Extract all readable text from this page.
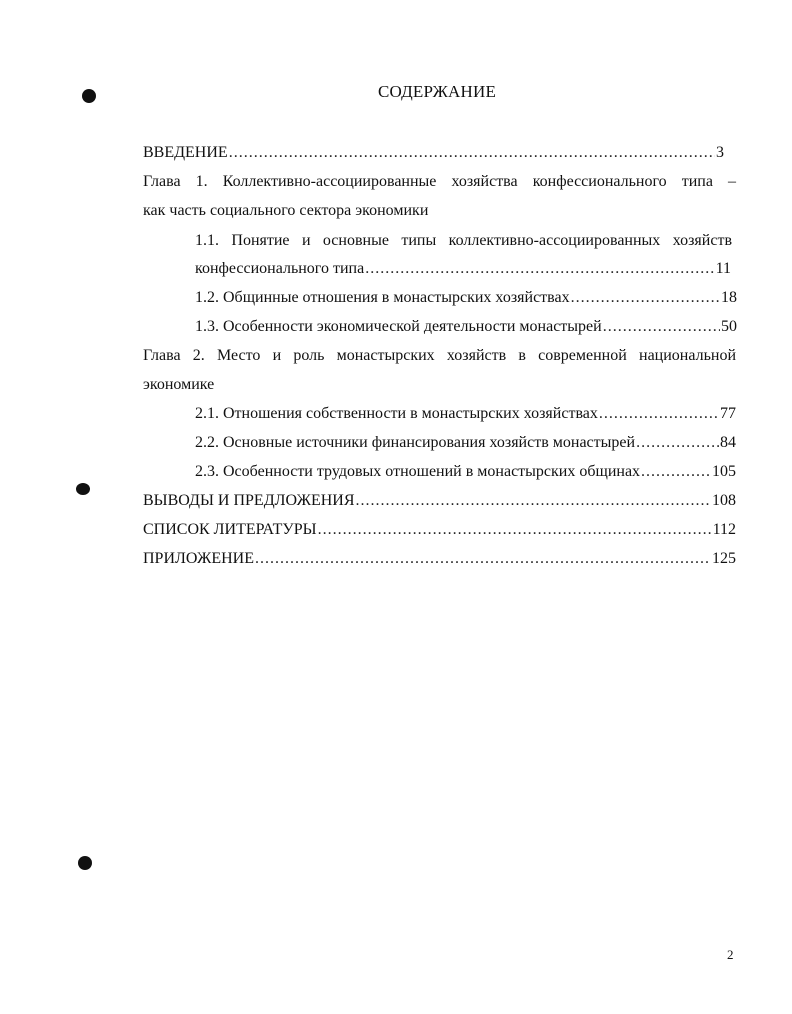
СОДЕРЖАНИЕ
ВВЕДЕНИЕ .....	3
Глава 1. Коллективно-ассоциированные хозяйства конфессионального типа –
как часть социального сектора экономики
1.1. Понятие и основные типы коллективно-ассоциированных хозяйств
конфессионального типа .....	11
1.2. Общинные отношения в монастырских хозяйствах .....	18
1.3. Особенности экономической деятельности монастырей .....	50
Глава 2. Место и роль монастырских хозяйств в современной национальной
экономике
2.1. Отношения собственности в монастырских хозяйствах .....	77
2.2. Основные источники финансирования хозяйств монастырей .....	84
2.3. Особенности трудовых отношений в монастырских общинах .....	105
ВЫВОДЫ И ПРЕДЛОЖЕНИЯ .....	108
СПИСОК ЛИТЕРАТУРЫ .....	112
ПРИЛОЖЕНИЕ .....	125
2
